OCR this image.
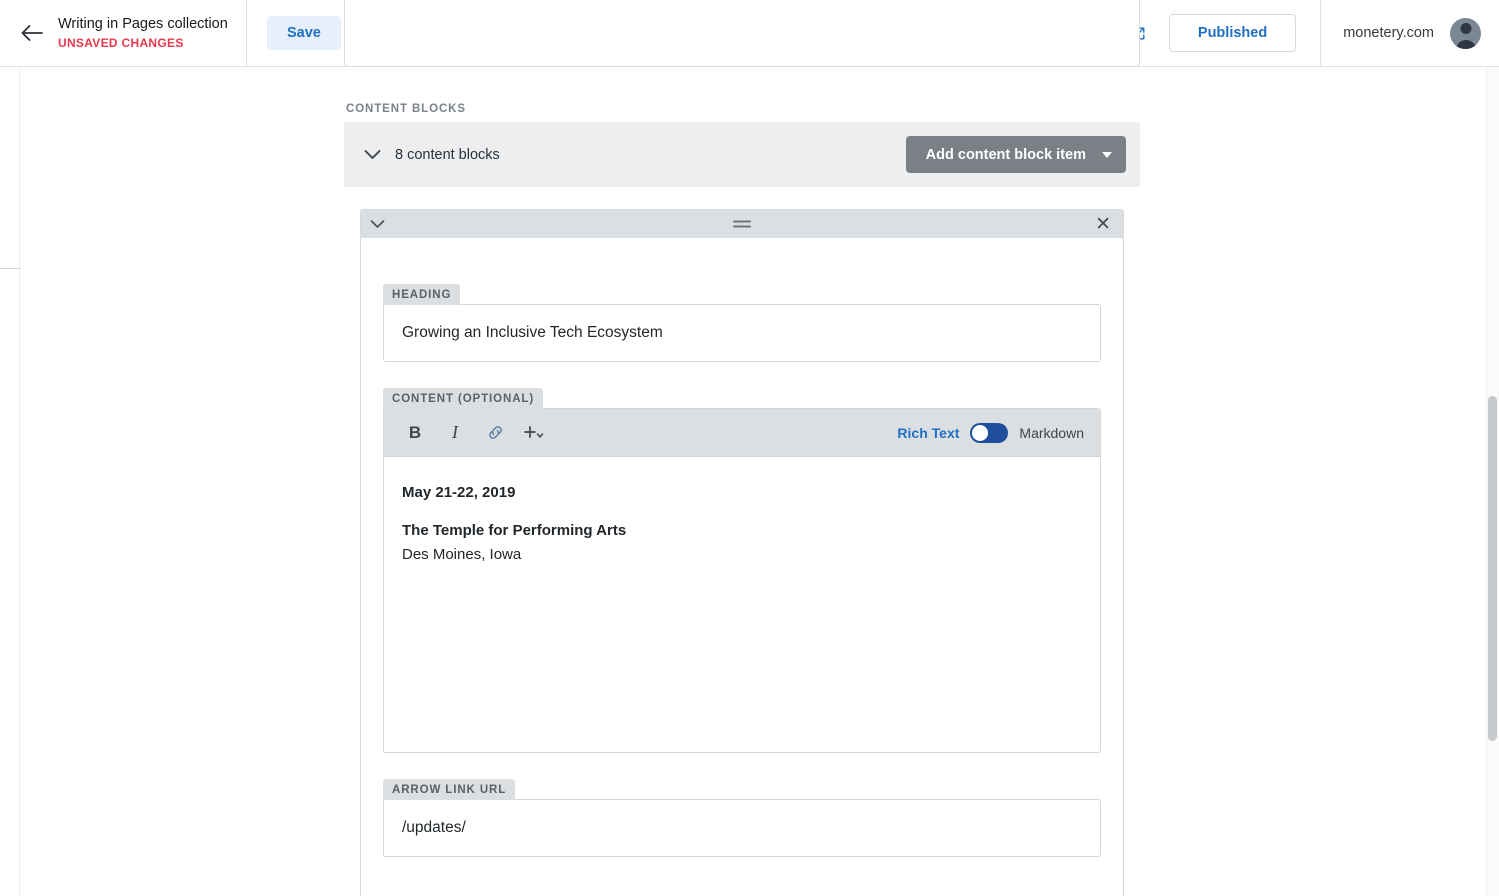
Writing in Pages collection
UNSAVED CHANGES
Save	Published	monetery.com
CONTENT BLOCKS
8 content blocks	Add content block item
✕
HEADING
Growing an Inclusive Tech Ecosystem
CONTENT (OPTIONAL)
B	I	Rich Text	Markdown

May 21-22, 2019

The Temple for Performing Arts

Des Moines, Iowa

ARROW LINK URL
/updates/
